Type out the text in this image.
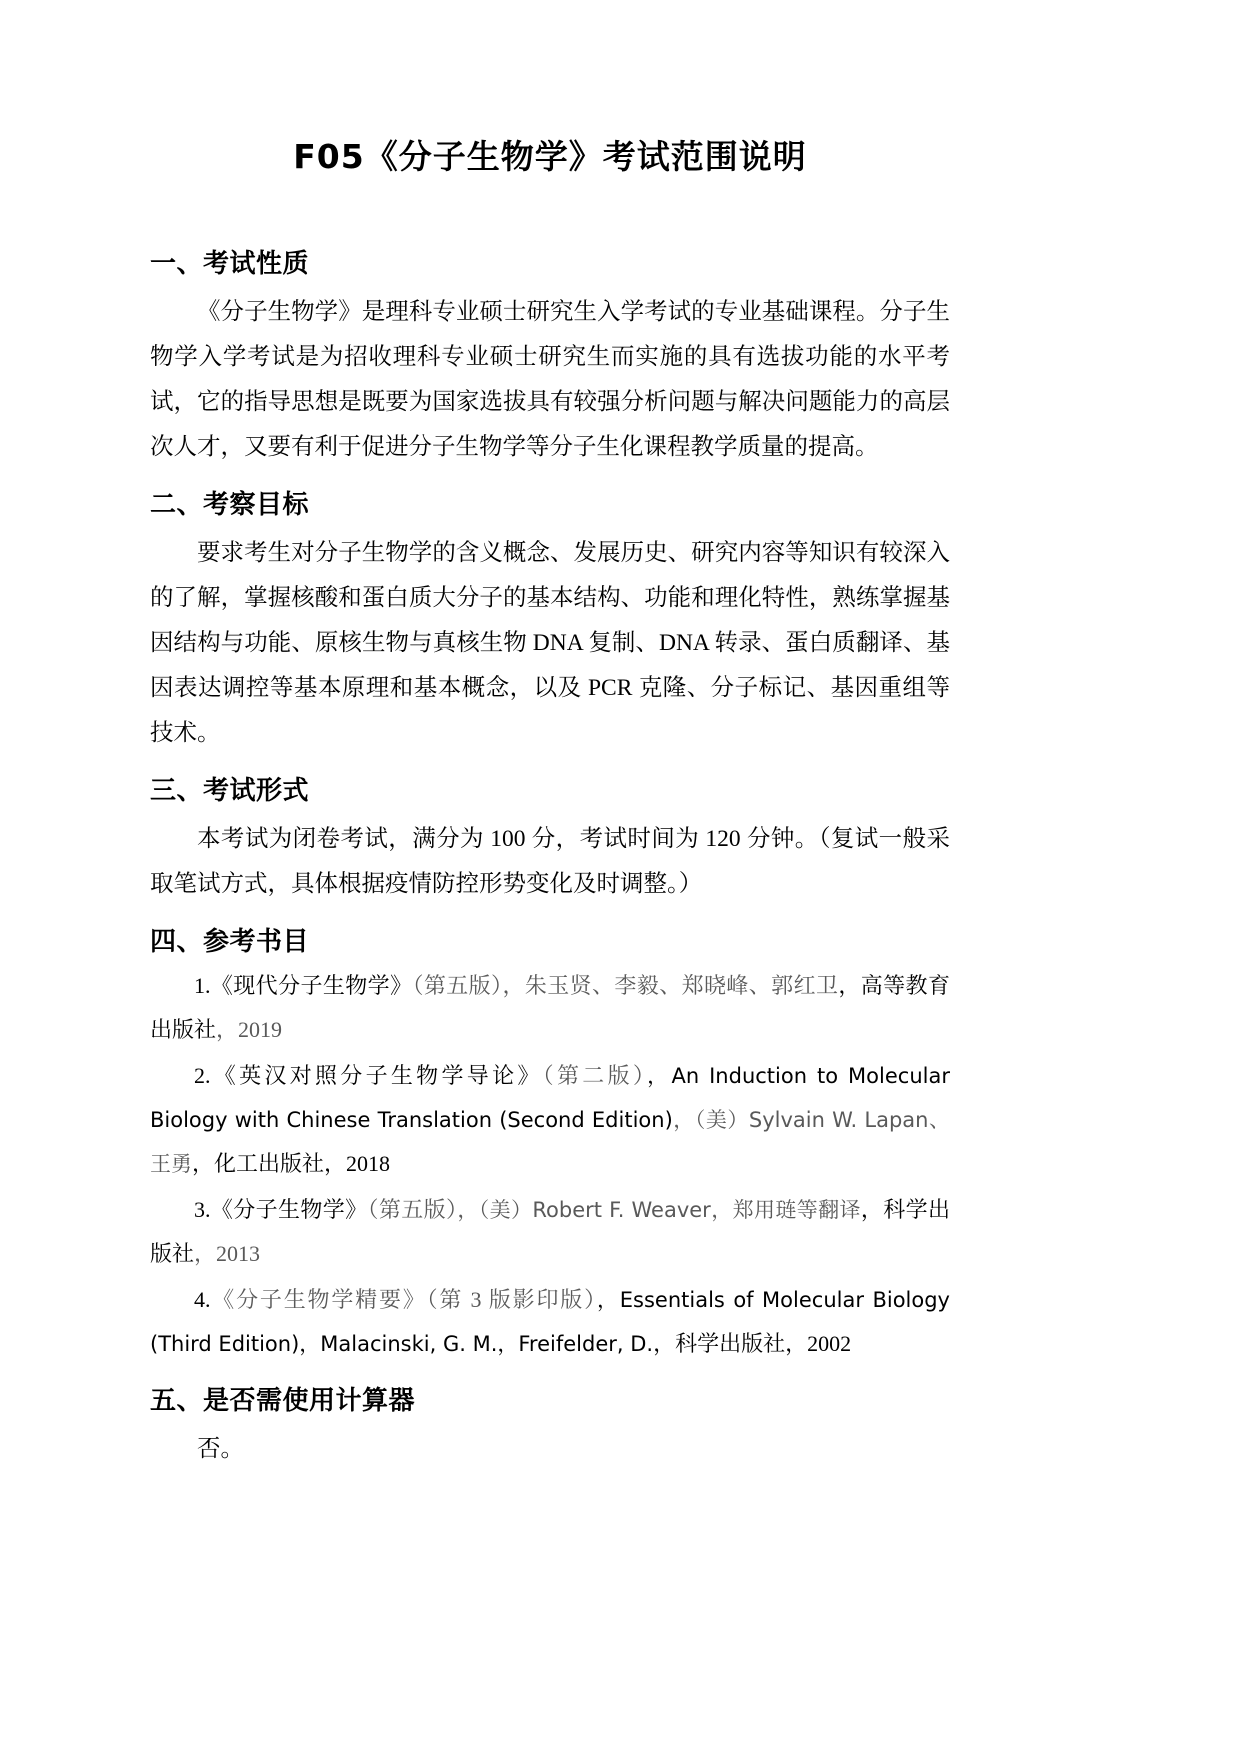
F05《分子生物学》考试范围说明
一、考试性质

《分子生物学》是理科专业硕士研究生入学考试的专业基础课程。分子生物学入学考试是为招收理科专业硕士研究生而实施的具有选拔功能的水平考试，它的指导思想是既要为国家选拔具有较强分析问题与解决问题能力的高层次人才，又要有利于促进分子生物学等分子生化课程教学质量的提高。

二、考察目标

要求考生对分子生物学的含义概念、发展历史、研究内容等知识有较深入的了解，掌握核酸和蛋白质大分子的基本结构、功能和理化特性，熟练掌握基因结构与功能、原核生物与真核生物 DNA 复制、DNA 转录、蛋白质翻译、基因表达调控等基本原理和基本概念，以及 PCR 克隆、分子标记、基因重组等技术。

三、考试形式

本考试为闭卷考试，满分为 100 分，考试时间为 120 分钟。（复试一般采取笔试方式，具体根据疫情防控形势变化及时调整。）

四、参考书目

1.《现代分子生物学》（第五版），朱玉贤、李毅、郑晓峰、郭红卫，高等教育出版社，2019

2.《英汉对照分子生物学导论》（第二版），An Induction to Molecular Biology with Chinese Translation (Second Edition)，（美）Sylvain W. Lapan、王勇，化工出版社，2018

3.《分子生物学》（第五版），（美）Robert F. Weaver，郑用琏等翻译，科学出版社，2013

4.《分子生物学精要》（第 3 版影印版），Essentials of Molecular Biology (Third Edition)，Malacinski, G. M.，Freifelder, D.，科学出版社，2002

五、是否需使用计算器

否。
